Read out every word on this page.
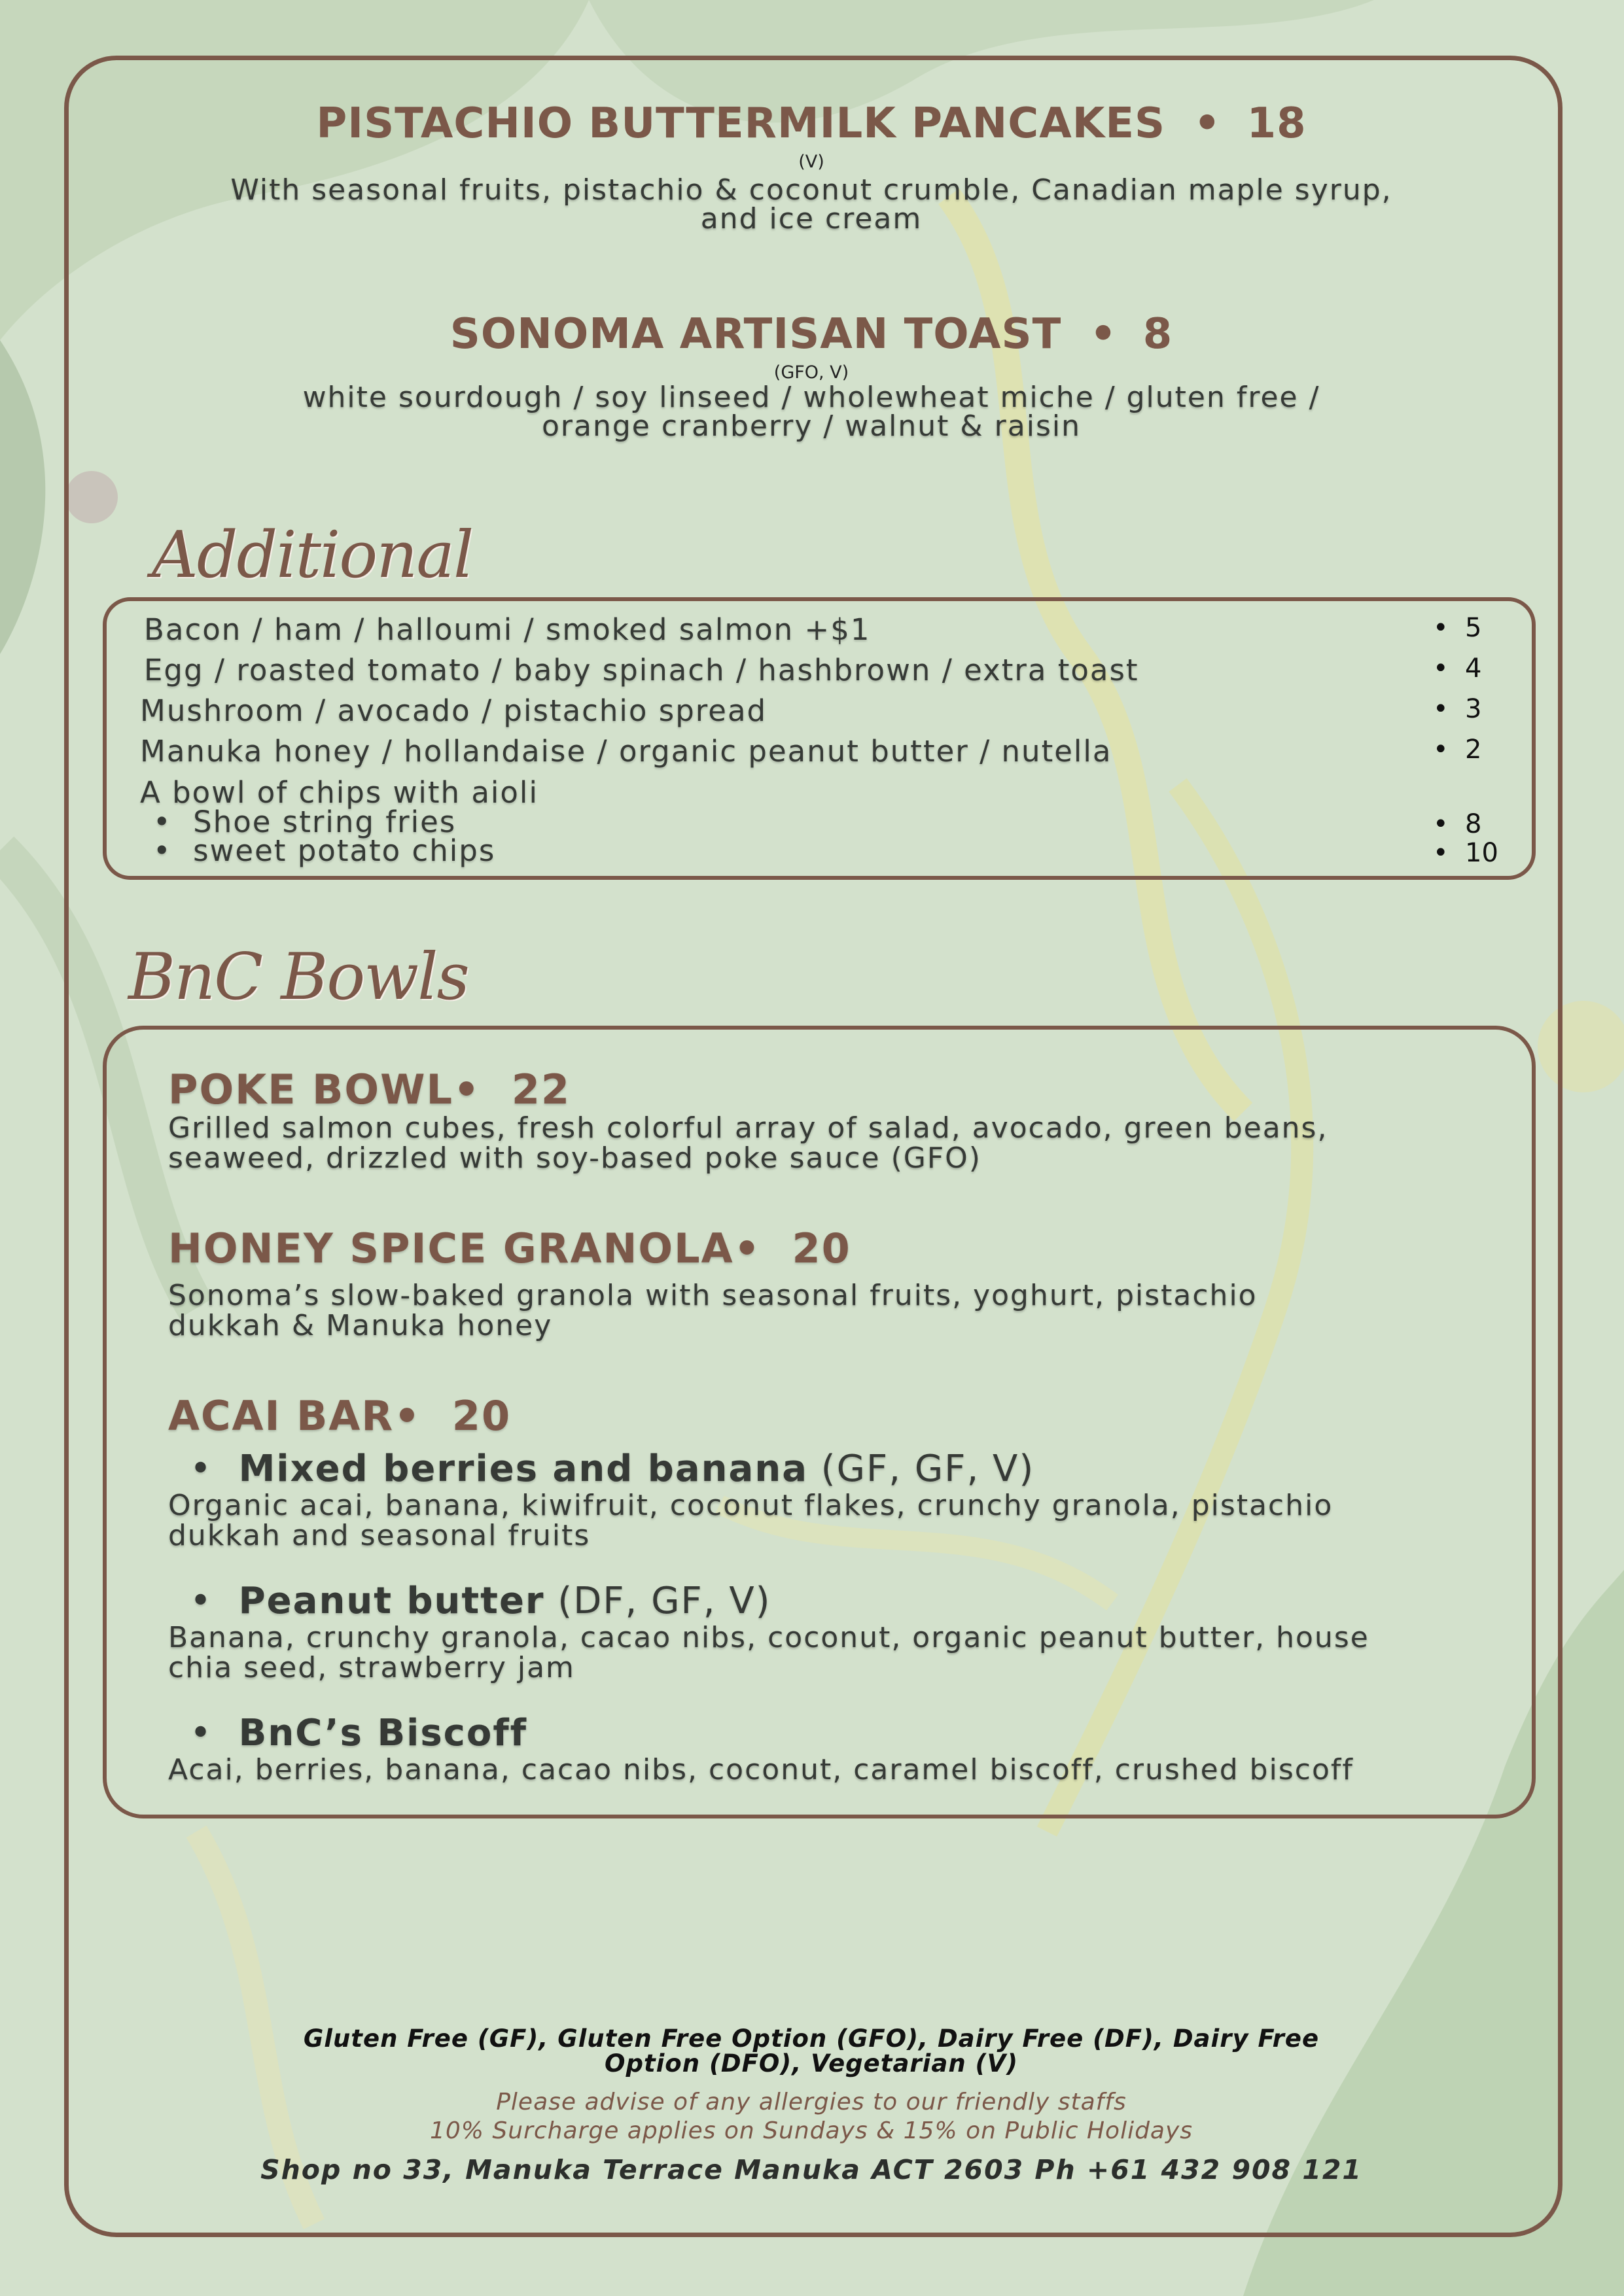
PISTACHIO BUTTERMILK PANCAKES • 18
(V)
With seasonal fruits, pistachio & coconut crumble, Canadian maple syrup,
and ice cream
SONOMA ARTISAN TOAST • 8
(GFO, V)
white sourdough / soy linseed / wholewheat miche / gluten free /
orange cranberry / walnut & raisin
Additional
Bacon / ham / halloumi / smoked salmon +$1	•  5
Egg / roasted tomato / baby spinach / hashbrown / extra toast	•  4
Mushroom / avocado / pistachio spread	•  3
Manuka honey / hollandaise / organic peanut butter / nutella	•  2
A bowl of chips with aioli
•  Shoe string fries	•  8
•  sweet potato chips	•  10
BnC Bowls
POKE BOWL•  22
Grilled salmon cubes, fresh colorful array of salad, avocado, green beans,
seaweed, drizzled with soy-based poke sauce (GFO)
HONEY SPICE GRANOLA•  20
Sonoma’s slow-baked granola with seasonal fruits, yoghurt, pistachio
dukkah & Manuka honey
ACAI BAR•  20
•  Mixed berries and banana (GF, GF, V)
Organic acai, banana, kiwifruit, coconut flakes, crunchy granola, pistachio
dukkah and seasonal fruits
•  Peanut butter (DF, GF, V)
Banana, crunchy granola, cacao nibs, coconut, organic peanut butter, house
chia seed, strawberry jam
•  BnC’s Biscoff
Acai, berries, banana, cacao nibs, coconut, caramel biscoff, crushed biscoff
Gluten Free (GF), Gluten Free Option (GFO), Dairy Free (DF), Dairy Free
Option (DFO), Vegetarian (V)
Please advise of any allergies to our friendly staffs
10% Surcharge applies on Sundays & 15% on Public Holidays
Shop no 33, Manuka Terrace Manuka ACT 2603 Ph +61 432 908 121
